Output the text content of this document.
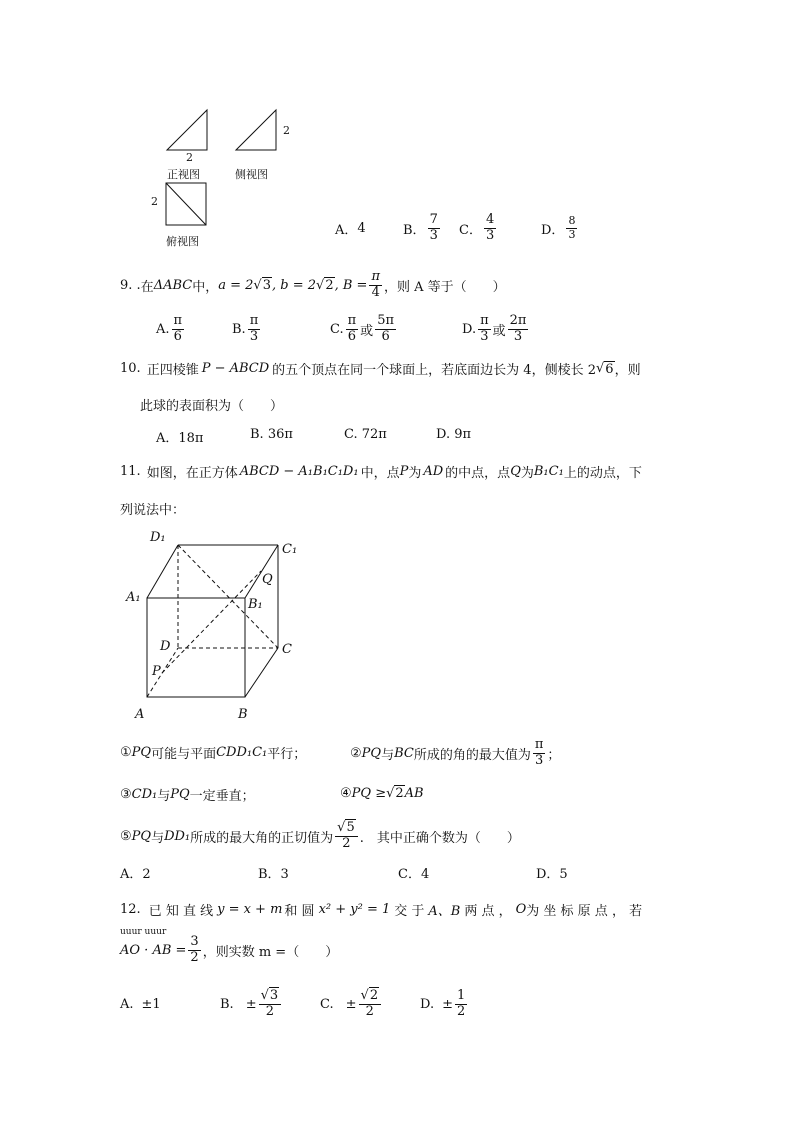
2
正视图
2
侧视图
2
俯视图
A． 4	B． $\frac{7}{3}$ C． $\frac{4}{3}$	D． $\frac{8}{3}$
9. . 在 ΔABC 中， a = 2 √ 3 , b = 2 √ 2 , $B = \frac{\pi}{4}$ ，则 A 等于（　　）
A. $\frac{\pi}{6}$	B. $\frac{\pi}{3}$	C. $\frac{\pi}{6}$ 或 $\frac{5\pi}{6}$	D. $\frac{\pi}{3}$ 或 $\frac{2\pi}{3}$
10. 正四棱锥 P − ABCD 的五个顶点在同一个球面上，若底面边长为 4，侧棱长 2 √ 6 ，则
此球的表面积为（　　）
A．18π	B. 36π	C. 72π	D. 9π
11. 如图，在正方体 ABCD − A₁B₁C₁D₁ 中，点 P 为 AD 的中点，点 Q 为 B₁C₁ 上的动点，下
列说法中：
D₁
C₁
Q
A₁	B₁
D	C
P
A	B
① PQ 可能与平面 CDD₁C₁ 平行；	② PQ 与 BC 所成的角的最大值为 $\frac{\pi}{3}$ ；
③ CD₁ 与 PQ 一定垂直；	④ PQ ≥ √ 2 AB
⑤ PQ 与 DD₁ 所成的最大角的正切值为 $\frac{√5}{2}$ .　其中正确个数为（　　）
A．2	B．3	C．4	D．5
12. 已 知 直 线 y = x + m 和 圆 x² + y² = 1 交 于 A、B 两 点 ， O 为 坐 标 原 点 ， 若
uuur uuur
AO · AB = $\frac{3}{2}$ ，则实数 m =（　　）
A. ±1	B. ± $\frac{√3}{2}$	C. ± $\frac{√2}{2}$	D. ± $\frac{1}{2}$
